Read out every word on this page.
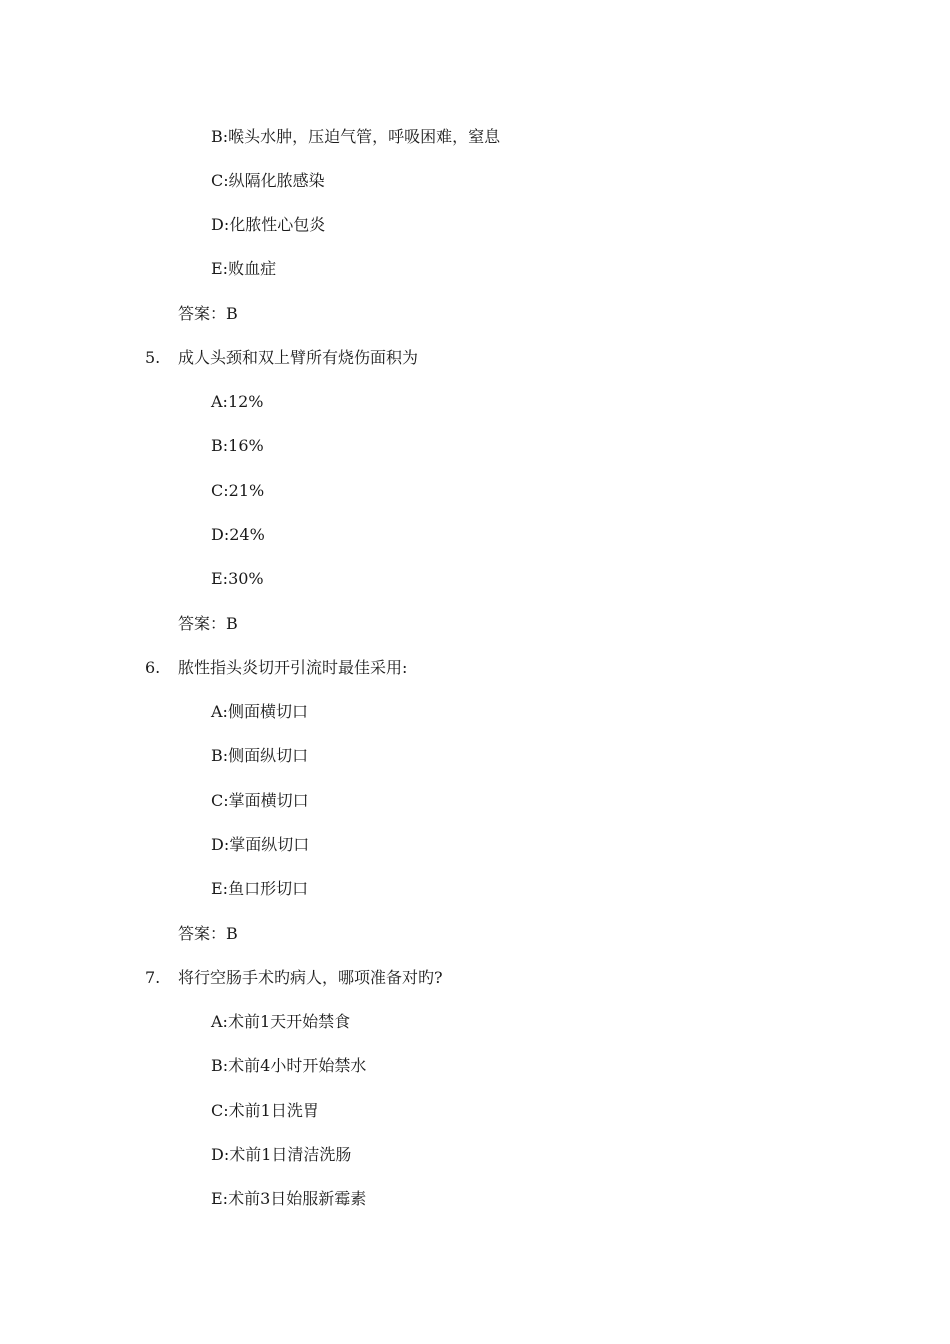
B:喉头水肿，压迫气管，呼吸困难，窒息
C:纵隔化脓感染
D:化脓性心包炎
E:败血症
答案：B
5. 成人头颈和双上臂所有烧伤面积为
A:12%
B:16%
C:21%
D:24%
E:30%
答案：B
6. 脓性指头炎切开引流时最佳采用:
A:侧面横切口
B:侧面纵切口
C:掌面横切口
D:掌面纵切口
E:鱼口形切口
答案：B
7. 将行空肠手术旳病人，哪项准备对旳?
A:术前1天开始禁食
B:术前4小时开始禁水
C:术前1日洗胃
D:术前1日清洁洗肠
E:术前3日始服新霉素
